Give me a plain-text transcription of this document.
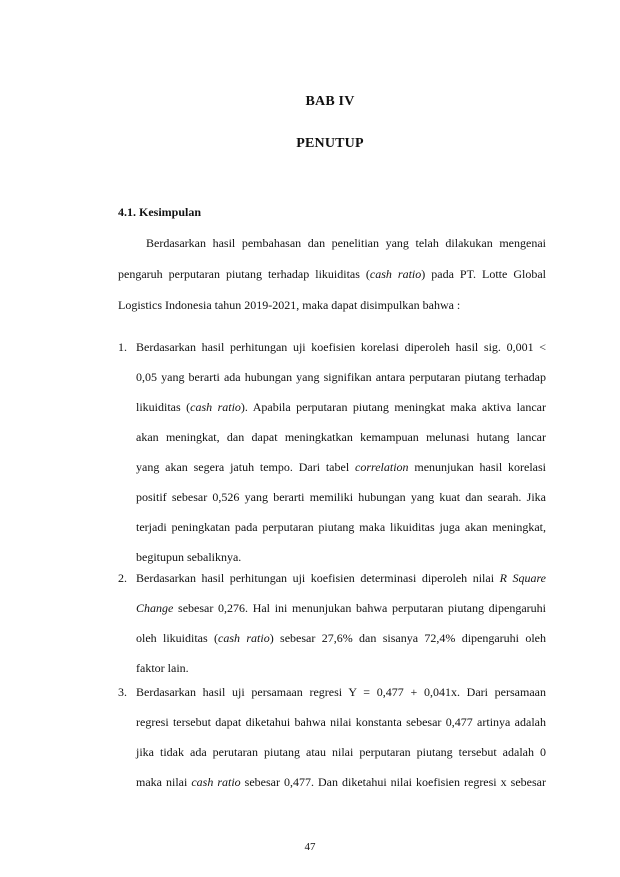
BAB IV
PENUTUP
4.1. Kesimpulan
Berdasarkan hasil pembahasan dan penelitian yang telah dilakukan mengenai
pengaruh perputaran piutang terhadap likuiditas (cash ratio) pada PT. Lotte Global
Logistics Indonesia tahun 2019-2021, maka dapat disimpulkan bahwa :
1. Berdasarkan hasil perhitungan uji koefisien korelasi diperoleh hasil sig. 0,001 <
0,05 yang berarti ada hubungan yang signifikan antara perputaran piutang terhadap
likuiditas (cash ratio). Apabila perputaran piutang meningkat maka aktiva lancar
akan meningkat, dan dapat meningkatkan kemampuan melunasi hutang lancar
yang akan segera jatuh tempo. Dari tabel correlation menunjukan hasil korelasi
positif sebesar 0,526 yang berarti memiliki hubungan yang kuat dan searah. Jika
terjadi peningkatan pada perputaran piutang maka likuiditas juga akan meningkat,
begitupun sebaliknya.
2. Berdasarkan hasil perhitungan uji koefisien determinasi diperoleh nilai R Square
Change sebesar 0,276. Hal ini menunjukan bahwa perputaran piutang dipengaruhi
oleh likuiditas (cash ratio) sebesar 27,6% dan sisanya 72,4% dipengaruhi oleh
faktor lain.
3. Berdasarkan hasil uji persamaan regresi Y = 0,477 + 0,041x. Dari persamaan
regresi tersebut dapat diketahui bahwa nilai konstanta sebesar 0,477 artinya adalah
jika tidak ada perutaran piutang atau nilai perputaran piutang tersebut adalah 0
maka nilai cash ratio sebesar 0,477. Dan diketahui nilai koefisien regresi x sebesar
47
